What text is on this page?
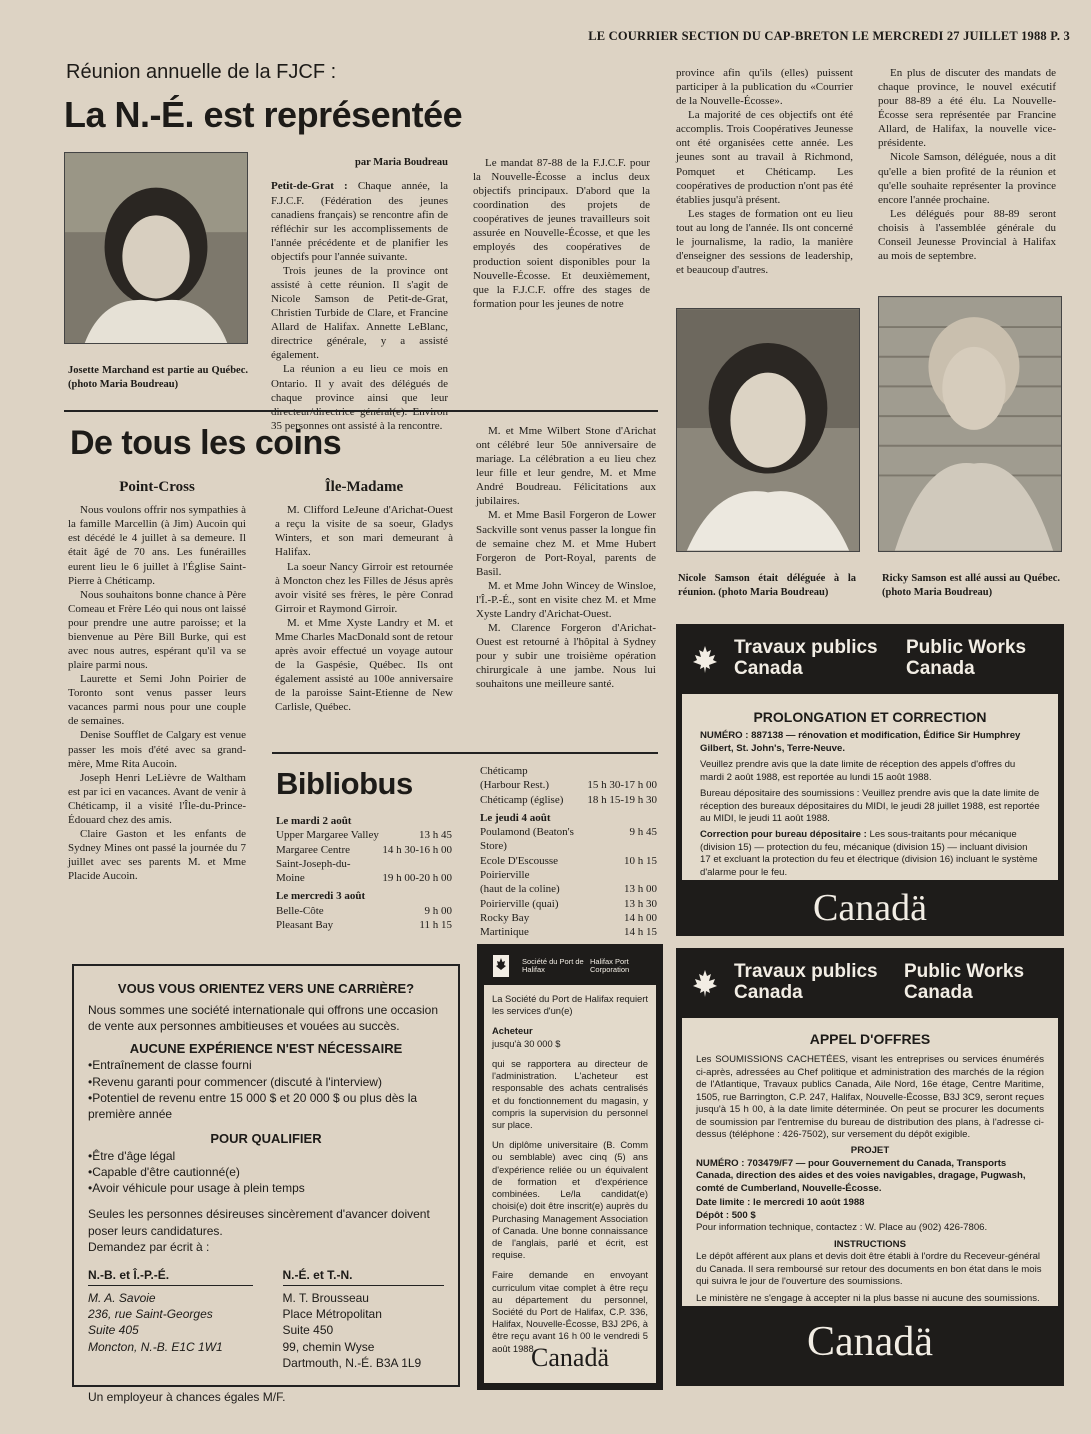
LE COURRIER SECTION DU CAP-BRETON LE MERCREDI 27 JUILLET 1988 P. 3
Réunion annuelle de la FJCF :
La N.-É. est représentée
Josette Marchand est partie au Québec. (photo Maria Boudreau)
par Maria Boudreau

Petit-de-Grat : Chaque année, la F.J.C.F. (Fédération des jeunes canadiens français) se rencontre afin de réfléchir sur les accomplissements de l'année précédente et de planifier les objectifs pour l'année suivante.

Trois jeunes de la province ont assisté à cette réunion. Il s'agit de Nicole Samson de Petit-de-Grat, Christien Turbide de Clare, et Francine Allard de Halifax. Annette LeBlanc, directrice générale, y a assisté également.

La réunion a eu lieu ce mois en Ontario. Il y avait des délégués de chaque province ainsi que leur 35 personnes ont assisté à la rencontre.

Le mandat 87-88 de la F.J.C.F. pour la Nouvelle-Écosse a inclus deux objectifs principaux. D'abord que la coordination des projets de coopératives de jeunes travailleurs soit assurée en Nouvelle-Écosse, et que les employés des coopératives de production soient disponibles pour la Nouvelle-Écosse. Et deuxièmement, que la F.J.C.F. offre des stages de formation pour les jeunes de notre

province afin qu'ils (elles) puissent participer à la publication du «Courrier de la Nouvelle-Écosse».

La majorité de ces objectifs ont été accomplis. Trois Coopératives Jeunesse ont été organisées cette année. Les jeunes sont au travail à Richmond, Pomquet et Chéticamp. Les coopératives de production n'ont pas été établies jusqu'à présent.

Les stages de formation ont eu lieu tout au long de l'année. Ils ont concerné le journalisme, la radio, la manière d'enseigner des sessions de leadership, et beaucoup d'autres.

En plus de discuter des mandats de chaque province, le nouvel exécutif pour 88-89 a été élu. La Nouvelle-Écosse sera représentée par Francine Allard, de Halifax, la nouvelle vice-présidente.

Nicole Samson, déléguée, nous a dit qu'elle a bien profité de la réunion et qu'elle souhaite représenter la province encore l'année prochaine.

Les délégués pour 88-89 seront choisis à l'assemblée générale du Conseil Jeunesse Provincial à Halifax au mois de septembre.

Nicole Samson était déléguée à la réunion. (photo Maria Boudreau)
Ricky Samson est allé aussi au Québec. (photo Maria Boudreau)
De tous les coins
Point-Cross

Nous voulons offrir nos sympathies à la famille Marcellin (à Jim) Aucoin qui est décédé le 4 juillet à sa demeure. Il était âgé de 70 ans. Les funérailles eurent lieu le 6 juillet à l'Église Saint-Pierre à Chéticamp.

Nous souhaitons bonne chance à Père Comeau et Frère Léo qui nous ont laissé pour prendre une autre paroisse; et la bienvenue au Père Bill Burke, qui est avec nous autres, espérant qu'il va se plaire parmi nous.

Laurette et Semi John Poirier de Toronto sont venus passer leurs vacances parmi nous pour une couple de semaines.

Denise Soufflet de Calgary est venue passer les mois d'été avec sa grand-mère, Mme Rita Aucoin.

Joseph Henri LeLièvre de Waltham est par ici en vacances. Avant de venir à Chéticamp, il a visité l'Île-du-Prince-Édouard chez des amis.

Claire Gaston et les enfants de Sydney Mines ont passé la journée du 7 juillet avec ses parents M. et Mme Placide Aucoin.

Île-Madame

M. Clifford LeJeune d'Arichat-Ouest a reçu la visite de sa soeur, Gladys Winters, et son mari demeurant à Halifax.

La soeur Nancy Girroir est retournée à Moncton chez les Filles de Jésus après avoir visité ses frères, le père Conrad Girroir et Raymond Girroir.

M. et Mme Xyste Landry et M. et Mme Charles MacDonald sont de retour après avoir effectué un voyage autour de la Gaspésie, Québec. Ils ont également assisté au 100e anniversaire de la paroisse Saint-Etienne de New Carlisle, Québec.

M. et Mme Wilbert Stone d'Arichat ont célébré leur 50e anniversaire de mariage. La célébration a eu lieu chez leur fille et leur gendre, M. et Mme André Boudreau. Félicitations aux jubilaires.

M. et Mme Basil Forgeron de Lower Sackville sont venus passer la longue fin de semaine chez M. et Mme Hubert Forgeron de Port-Royal, parents de Basil.

M. et Mme John Wincey de Winsloe, l'Î.-P.-É., sont en visite chez M. et Mme Xyste Landry d'Arichat-Ouest.

M. Clarence Forgeron d'Arichat-Ouest est retourné à l'hôpital à Sydney pour y subir une troisième opération chirurgicale à une jambe. Nous lui souhaitons une meilleure santé.

Bibliobus
Le mardi 2 août	
Upper Margaree Valley	13 h 45
Margaree Centre	14 h 30-16 h 00
Saint-Joseph-du-	
Moine	19 h 00-20 h 00
Le mercredi 3 août	
Belle-Côte	9 h 00
Pleasant Bay	11 h 15
Chéticamp	
(Harbour Rest.)	15 h 30-17 h 00
Chéticamp (église)	18 h 15-19 h 30
Le jeudi 4 août	
Poulamond (Beaton's Store)	9 h 45
Ecole D'Escousse	10 h 15
Poirierville	
(haut de la coline)	13 h 00
Poirierville (quai)	13 h 30
Rocky Bay	14 h 00
Martinique	14 h 15
VOUS VOUS ORIENTEZ VERS UNE CARRIÈRE?
Nous sommes une société internationale qui offrons une occasion de vente aux personnes ambitieuses et vouées au succès.
AUCUNE EXPÉRIENCE N'EST NÉCESSAIRE
•Entraînement de classe fourni
•Revenu garanti pour commencer (discuté à l'interview)
•Potentiel de revenu entre 15 000 $ et 20 000 $ ou plus dès la première année
POUR QUALIFIER
•Être d'âge légal
•Capable d'être cautionné(e)
•Avoir véhicule pour usage à plein temps
Seules les personnes désireuses sincèrement d'avancer doivent poser leurs candidatures.
Demandez par écrit à :
N.-B. et Î.-P.-É.
M. A. Savoie
236, rue Saint-Georges
Suite 405
Moncton, N.-B. E1C 1W1
N.-É. et T.-N.
M. T. Brousseau
Place Métropolitan
Suite 450
99, chemin Wyse
Dartmouth, N.-É. B3A 1L9
Un employeur à chances égales M/F.
Société du Port de Halifax
Halifax Port Corporation

La Société du Port de Halifax requiert les services d'un(e)

Acheteur

jusqu'à 30 000 $

qui se rapportera au directeur de l'administration. L'acheteur est responsable des achats centralisés et du fonctionnement du magasin, y compris la supervision du personnel sur place.

Un diplôme universitaire (B. Comm ou semblable) avec cinq (5) ans d'expérience reliée ou un équivalent de formation et d'expérience combinées. Le/la candidat(e) choisi(e) doit être inscrit(e) auprès du Purchasing Management Association of Canada. Une bonne connaissance de l'anglais, parlé et écrit, est requise.

Faire demande en envoyant curriculum vitae complet à être reçu au département du personnel, Société du Port de Halifax, C.P. 336, Halifax, Nouvelle-Écosse, B3J 2P6, à être reçu avant 16 h 00 le vendredi 5 août 1988.

Canadä
Travaux publics Canada
Public Works Canada
PROLONGATION ET CORRECTION
NUMÉRO : 887138 — rénovation et modification, Édifice Sir Humphrey Gilbert, St. John's, Terre-Neuve.
Veuillez prendre avis que la date limite de réception des appels d'offres du mardi 2 août 1988, est reportée au lundi 15 août 1988.
Bureau dépositaire des soumissions : Veuillez prendre avis que la date limite de réception des bureaux dépositaires du MIDI, le jeudi 28 juillet 1988, est reportée au MIDI, le jeudi 11 août 1988.
Correction pour bureau dépositaire : Les sous-traitants pour mécanique (division 15) — protection du feu, mécanique (division 15) — incluant division 17 et excluant la protection du feu et électrique (division 16) incluant le système d'alarme pour le feu.
Canadä
Travaux publics Canada
Public Works Canada
APPEL D'OFFRES
Les SOUMISSIONS CACHETÉES, visant les entreprises ou services énumérés ci-après, adressées au Chef politique et administration des marchés de la région de l'Atlantique, Travaux publics Canada, Aile Nord, 16e étage, Centre Maritime, 1505, rue Barrington, C.P. 247, Halifax, Nouvelle-Écosse, B3J 3C9, seront reçues jusqu'à 15 h 00, à la date limite déterminée. On peut se procurer les documents de soumission par l'entremise du bureau de distribution des plans, à l'adresse ci-dessus (téléphone : 426-7502), sur versement du dépôt exigible.
PROJET
NUMÉRO : 703479/F7 — pour Gouvernement du Canada, Transports Canada, direction des aides et des voies navigables, dragage, Pugwash, comté de Cumberland, Nouvelle-Écosse.
Date limite : le mercredi 10 août 1988
Dépôt : 500 $
Pour information technique, contactez : W. Place au (902) 426-7806.
INSTRUCTIONS
Le dépôt afférent aux plans et devis doit être établi à l'ordre du Receveur-général du Canada. Il sera remboursé sur retour des documents en bon état dans le mois qui suivra le jour de l'ouverture des soumissions.
Le ministère ne s'engage à accepter ni la plus basse ni aucune des soumissions.
Canadä
